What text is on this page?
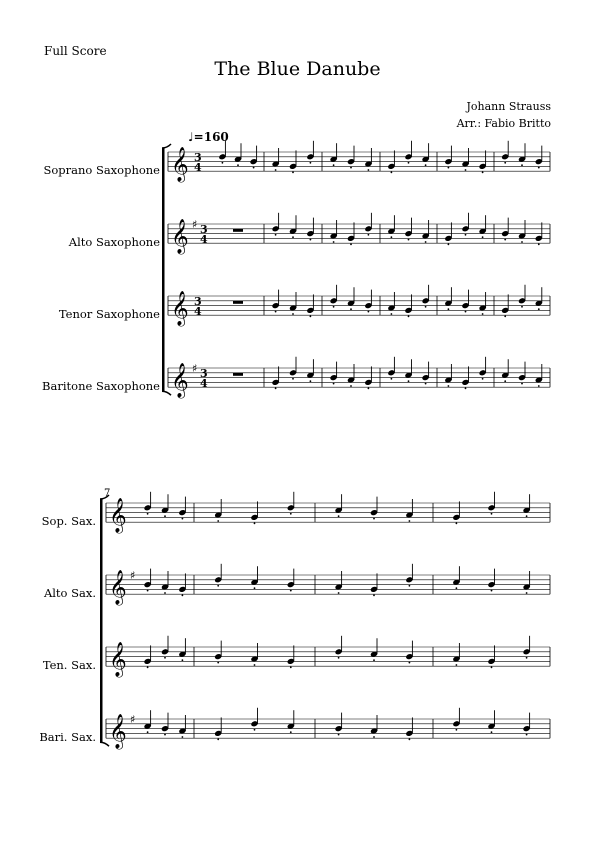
Full Score
The Blue Danube
Johann Strauss
Arr.: Fabio Britto
♩=160
Soprano Saxophone
Alto Saxophone
Tenor Saxophone
Baritone Saxophone
7
Sop. Sax.
Alto Sax.
Ten. Sax.
Bari. Sax.
𝄞 3
4
𝄞 ♯ 3
4
𝄞 3
4
𝄞 ♯ 3
4
𝄞
𝄞 ♯
𝄞
𝄞 ♯
